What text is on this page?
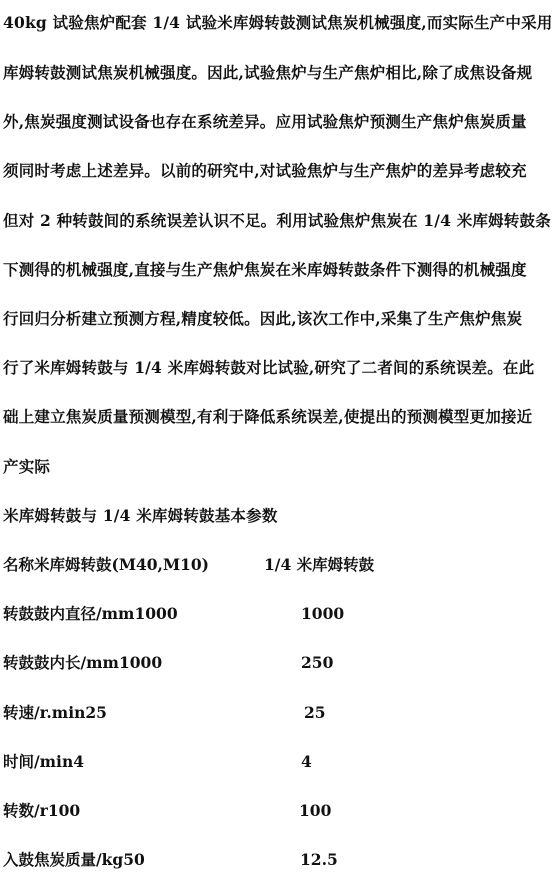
40kg 试验焦炉配套 1/4 试验米库姆转鼓测试焦炭机械强度,而实际生产中采用
库姆转鼓测试焦炭机械强度。因此,试验焦炉与生产焦炉相比,除了成焦设备规
外,焦炭强度测试设备也存在系统差异。应用试验焦炉预测生产焦炉焦炭质量
须同时考虑上述差异。以前的研究中,对试验焦炉与生产焦炉的差异考虑较充
但对 2 种转鼓间的系统误差认识不足。利用试验焦炉焦炭在 1/4 米库姆转鼓条
下测得的机械强度,直接与生产焦炉焦炭在米库姆转鼓条件下测得的机械强度
行回归分析建立预测方程,精度较低。因此,该次工作中,采集了生产焦炉焦炭
行了米库姆转鼓与 1/4 米库姆转鼓对比试验,研究了二者间的系统误差。在此
础上建立焦炭质量预测模型,有利于降低系统误差,使提出的预测模型更加接近
产实际
米库姆转鼓与 1/4 米库姆转鼓基本参数
名称米库姆转鼓(M40,M10)	1/4 米库姆转鼓
转鼓鼓内直径/mm1000	1000
转鼓鼓内长/mm1000	250
转速/r.min25	25
时间/min4	4
转数/r100	100
入鼓焦炭质量/kg50	12.5
